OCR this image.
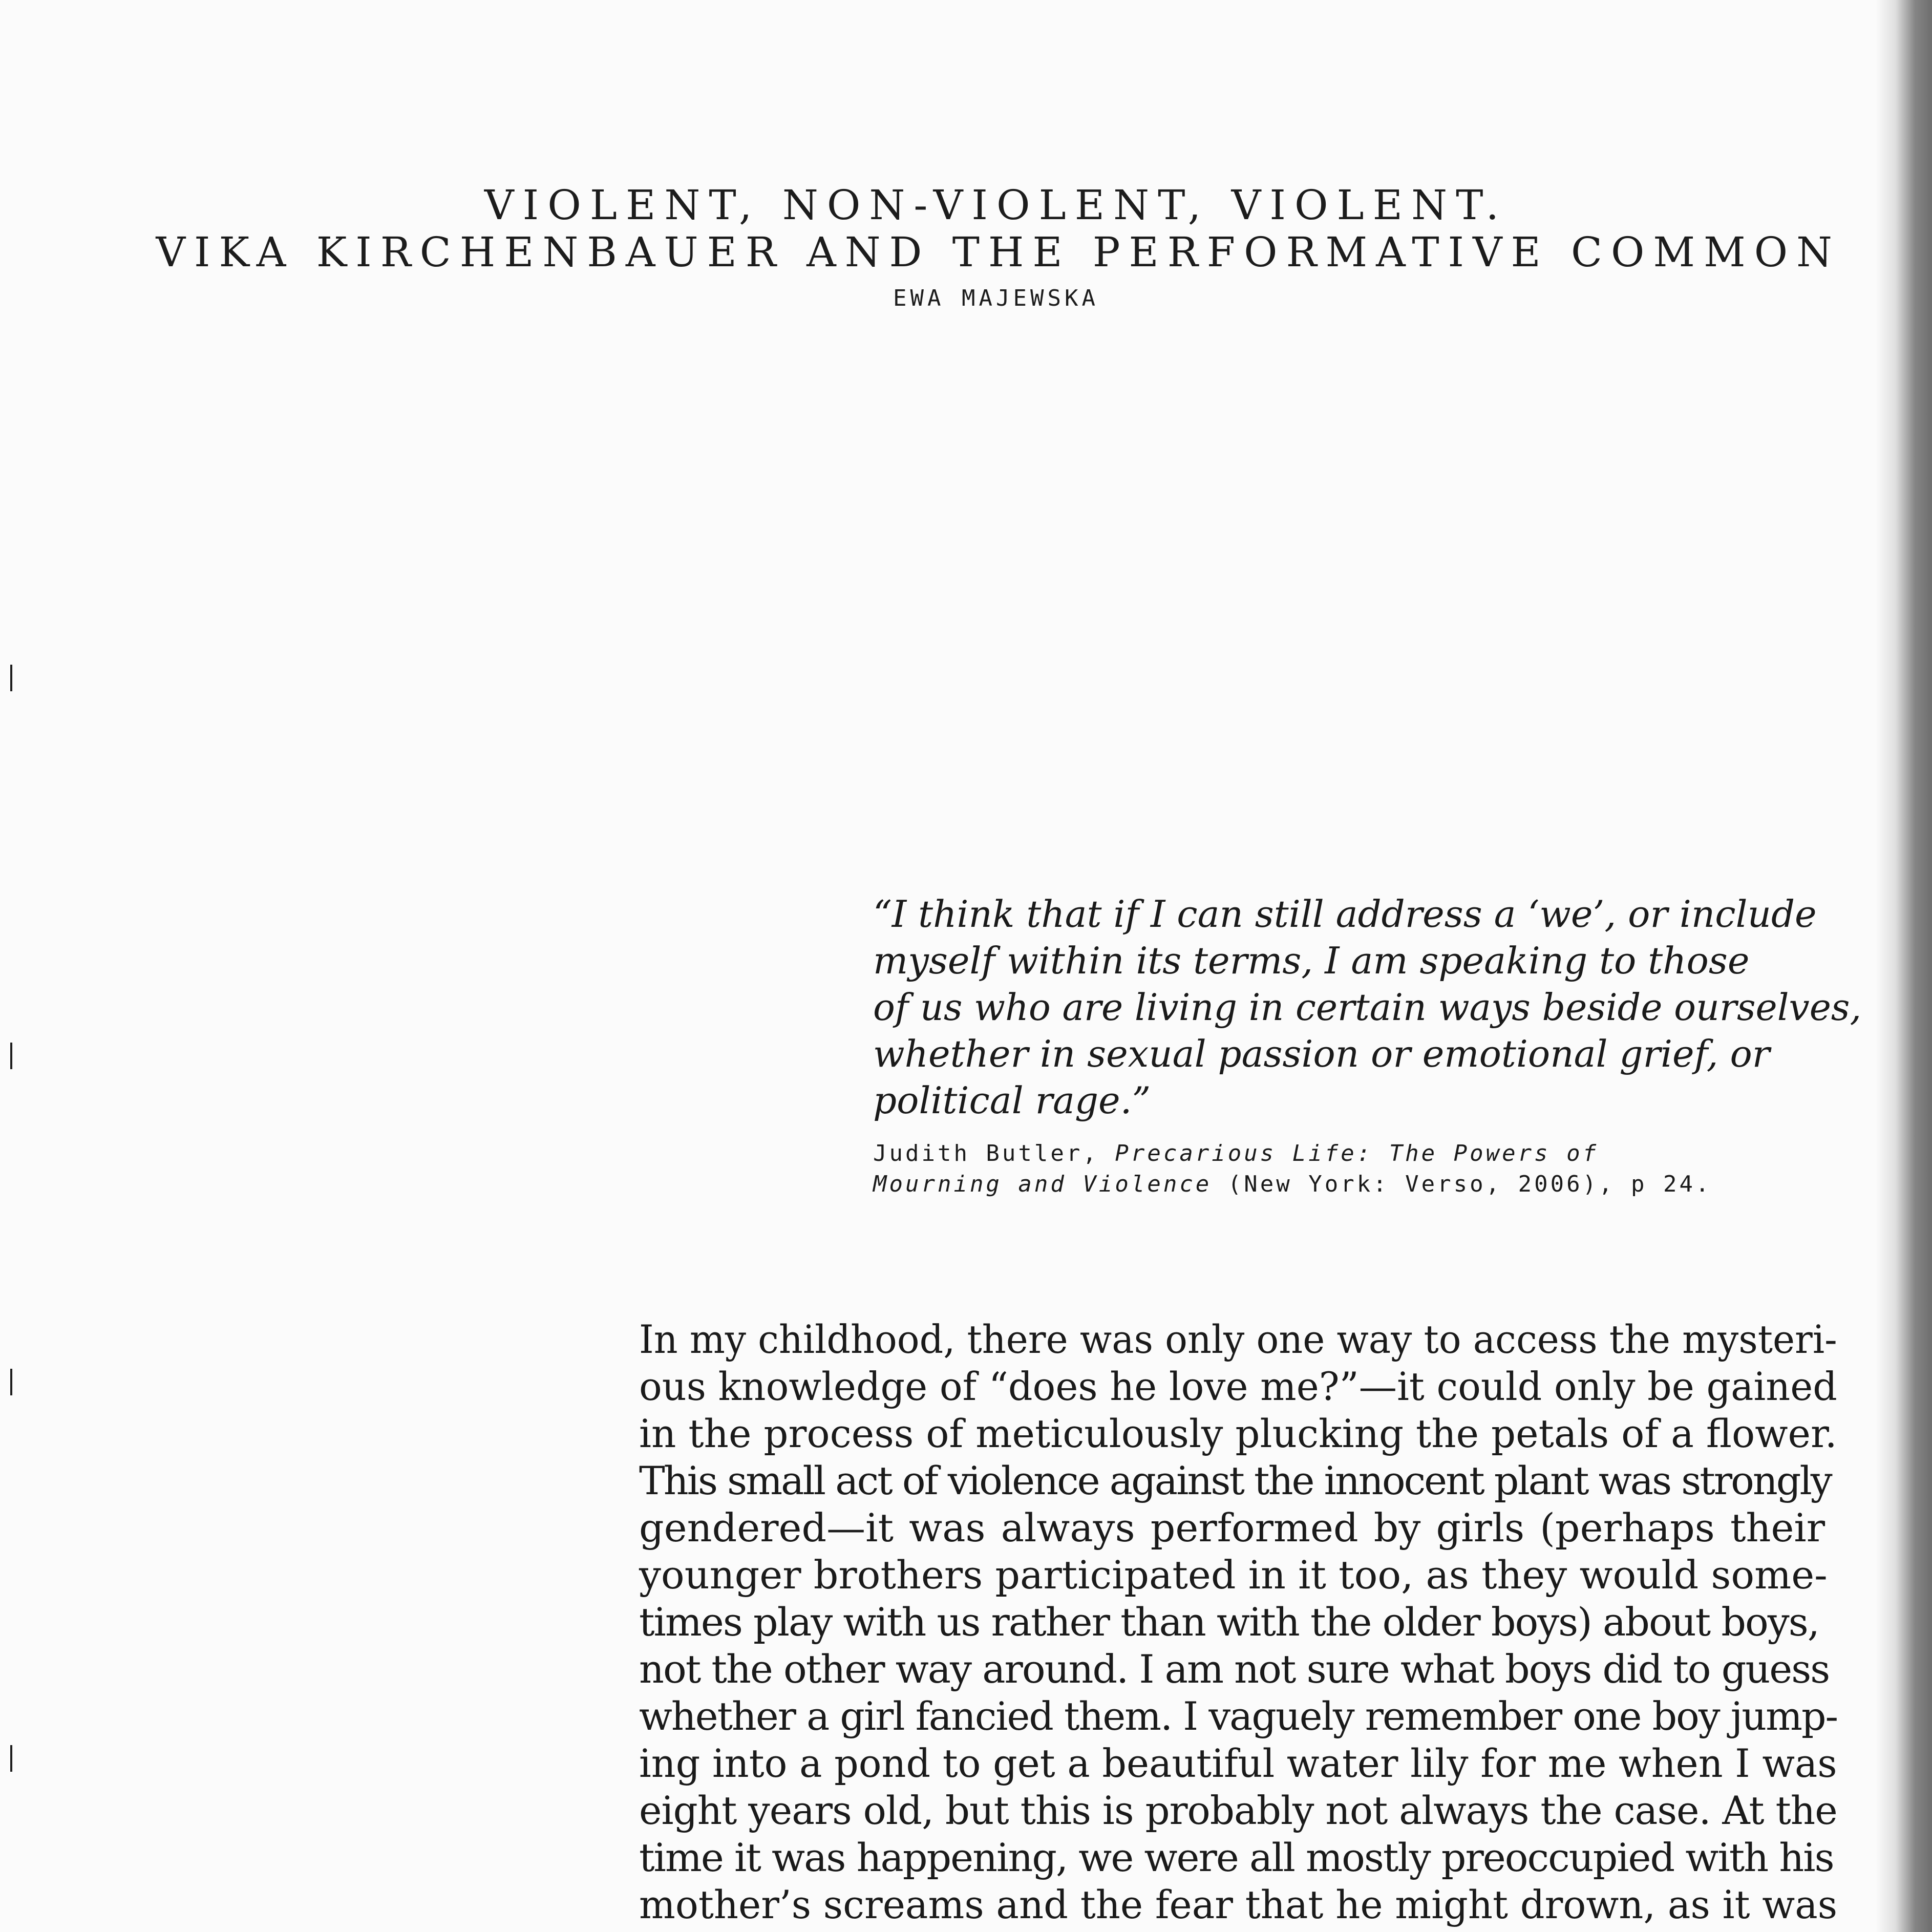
VIOLENT, NON-VIOLENT, VIOLENT.
VIKA KIRCHENBAUER AND THE PERFORMATIVE COMMON
EWA MAJEWSKA
“I think that if I can still address a ‘we’, or include
myself within its terms, I am speaking to those
of us who are living in certain ways beside ourselves,
whether in sexual passion or emotional grief, or
political rage.”
Judith Butler, Precarious Life: The Powers of
Mourning and Violence (New York: Verso, 2006), p 24.
In my childhood, there was only one way to access the mysteri-
ous knowledge of “does he love me?”—it could only be gained
in the process of meticulously plucking the petals of a flower.
This small act of violence against the innocent plant was strongly
gendered—it was always performed by girls (perhaps their
younger brothers participated in it too, as they would some-
times play with us rather than with the older boys) about boys,
not the other way around. I am not sure what boys did to guess
whether a girl fancied them. I vaguely remember one boy jump-
ing into a pond to get a beautiful water lily for me when I was
eight years old, but this is probably not always the case. At the
time it was happening, we were all mostly preoccupied with his
mother’s screams and the fear that he might drown, as it was
